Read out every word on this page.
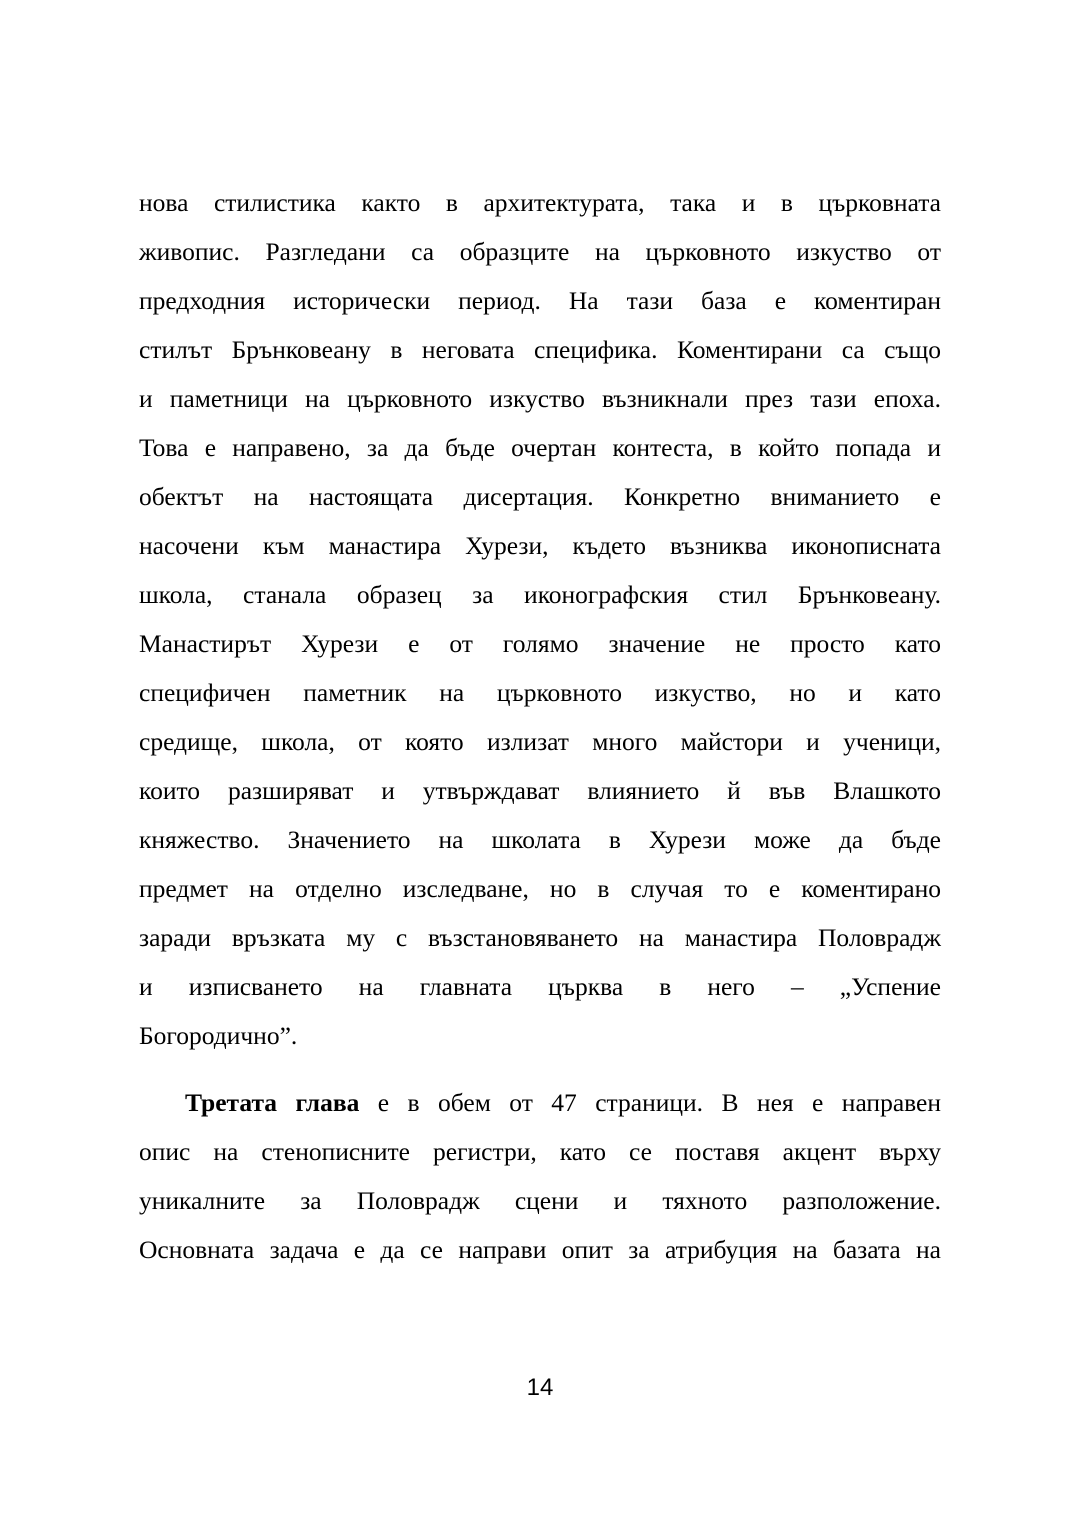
нова стилистика както в архитектурата, така и в църковната
живопис. Разгледани са образците на църковното изкуство от
предходния исторически период. На тази база е коментиран
стилът Брънковеану в неговата специфика. Коментирани са също
и паметници на църковното изкуство възникнали през тази епоха.
Това е направено, за да бъде очертан контеста, в който попада и
обектът на настоящата дисертация. Конкретно вниманието е
насочени към манастира Хурези, където възниква иконописната
школа, станала образец за иконографския стил Брънковеану.
Манастирът Хурези е от голямо значение не просто като
специфичен паметник на църковното изкуство, но и като
средище, школа, от която излизат много майстори и ученици,
които разширяват и утвърждават влиянието й във Влашкото
княжество. Значението на школата в Хурези може да бъде
предмет на отделно изследване, но в случая то е коментирано
заради връзката му с възстановяването на манастира Половрадж
и изписването на главната църква в него – „Успение
Богородично”.
Третата глава е в обем от 47 страници. В нея е направен
опис на стенописните регистри, като се поставя акцент върху
уникалните за Половрадж сцени и тяхното разположение.
Основната задача е да се направи опит за атрибуция на базата на
14
